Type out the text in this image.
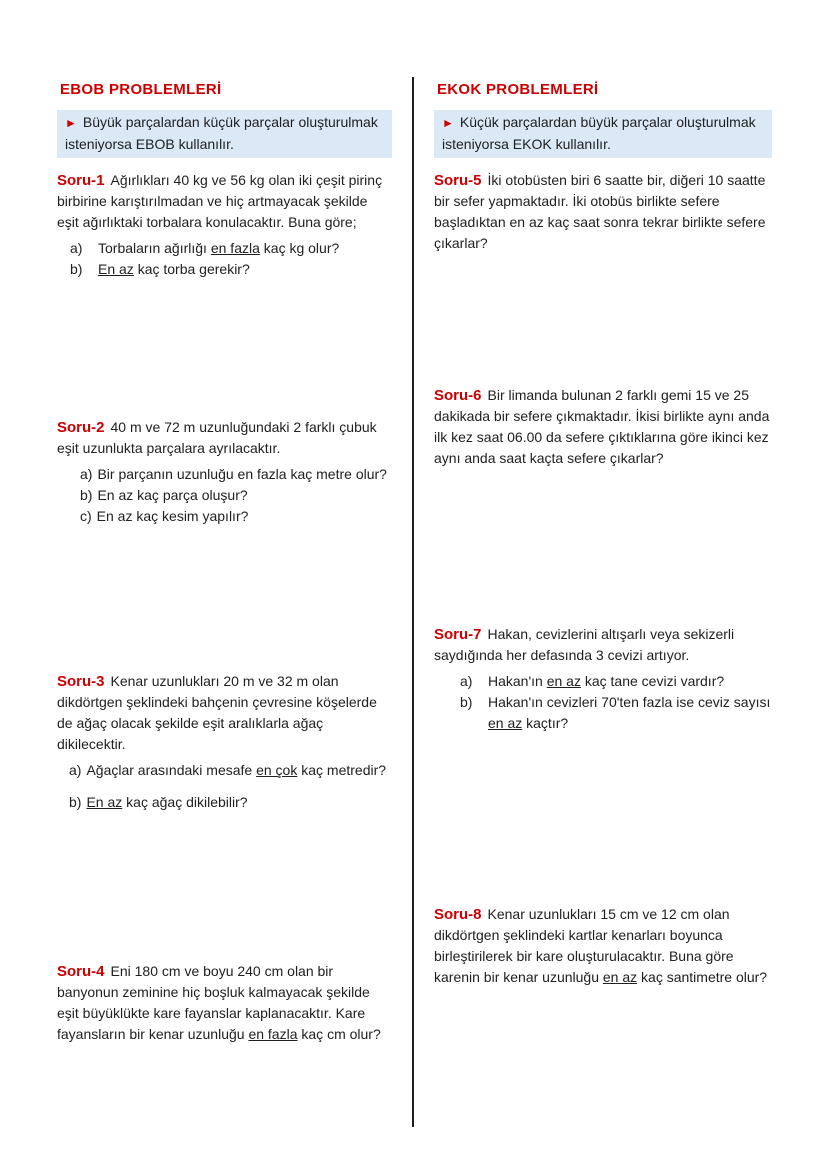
EBOB PROBLEMLERİ
► Büyük parçalardan küçük parçalar oluşturulmak isteniyorsa EBOB kullanılır.

Soru-1 Ağırlıkları 40 kg ve 56 kg olan iki çeşit pirinç birbirine karıştırılmadan ve hiç artmayacak şekilde eşit ağırlıktaki torbalara konulacaktır. Buna göre;

a)	Torbaların ağırlığı en fazla kaç kg olur?
b)	En az kaç torba gerekir?

Soru-2 40 m ve 72 m uzunluğundaki 2 farklı çubuk eşit uzunlukta parçalara ayrılacaktır.

a) Bir parçanın uzunluğu en fazla kaç metre olur?
b) En az kaç parça oluşur?
c) En az kaç kesim yapılır?

Soru-3 Kenar uzunlukları 20 m ve 32 m olan dikdörtgen şeklindeki bahçenin çevresine köşelerde de ağaç olacak şekilde eşit aralıklarla ağaç dikilecektir.

a) Ağaçlar arasındaki mesafe en çok kaç metredir?
b) En az kaç ağaç dikilebilir?

Soru-4 Eni 180 cm ve boyu 240 cm olan bir banyonun zeminine hiç boşluk kalmayacak şekilde eşit büyüklükte kare fayanslar kaplanacaktır. Kare fayansların bir kenar uzunluğu en fazla kaç cm olur?

EKOK PROBLEMLERİ
► Küçük parçalardan büyük parçalar oluşturulmak isteniyorsa EKOK kullanılır.

Soru-5 İki otobüsten biri 6 saatte bir, diğeri 10 saatte bir sefer yapmaktadır. İki otobüs birlikte sefere başladıktan en az kaç saat sonra tekrar birlikte sefere çıkarlar?

Soru-6 Bir limanda bulunan 2 farklı gemi 15 ve 25 dakikada bir sefere çıkmaktadır. İkisi birlikte aynı anda ilk kez saat 06.00 da sefere çıktıklarına göre ikinci kez aynı anda saat kaçta sefere çıkarlar?

Soru-7 Hakan, cevizlerini altışarlı veya sekizerli saydığında her defasında 3 cevizi artıyor.

a)	Hakan'ın en az kaç tane cevizi vardır?
b)	Hakan'ın cevizleri 70'ten fazla ise ceviz sayısı en az kaçtır?

Soru-8 Kenar uzunlukları 15 cm ve 12 cm olan dikdörtgen şeklindeki kartlar kenarları boyunca birleştirilerek bir kare oluşturulacaktır. Buna göre karenin bir kenar uzunluğu en az kaç santimetre olur?
